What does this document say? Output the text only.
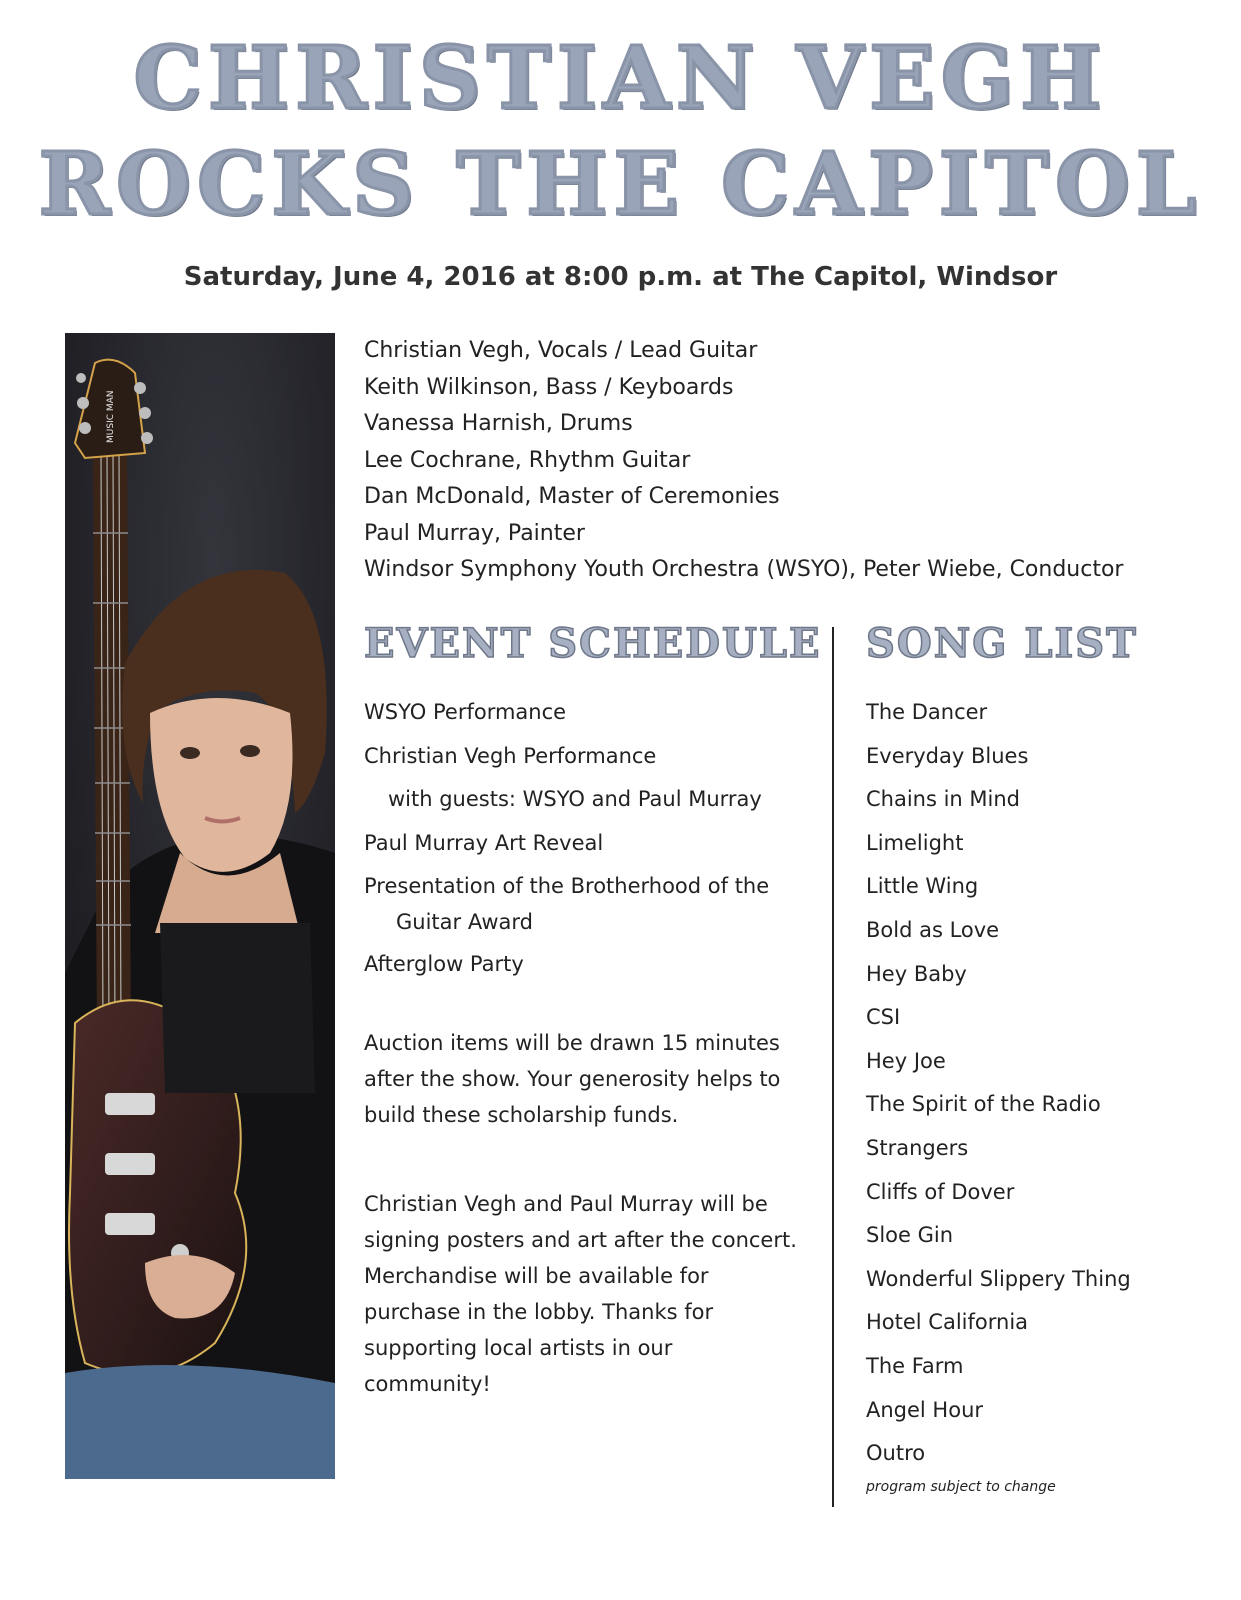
CHRISTIAN VEGH
ROCKS THE CAPITOL
Saturday, June 4, 2016 at 8:00 p.m. at The Capitol, Windsor
MUSIC MAN
Christian Vegh, Vocals / Lead Guitar
Keith Wilkinson, Bass / Keyboards
Vanessa Harnish, Drums
Lee Cochrane, Rhythm Guitar
Dan McDonald, Master of Ceremonies
Paul Murray, Painter
Windsor Symphony Youth Orchestra (WSYO), Peter Wiebe, Conductor
EVENT SCHEDULE SONG LIST
WSYO Performance
Christian Vegh Performance
with guests: WSYO and Paul Murray
Paul Murray Art Reveal
Presentation of the Brotherhood of the
Guitar Award
Afterglow Party

Auction items will be drawn 15 minutes after the show. Your generosity helps to build these scholarship funds.

Christian Vegh and Paul Murray will be signing posters and art after the concert. Merchandise will be available for purchase in the lobby. Thanks for supporting local artists in our community!

The Dancer
Everyday Blues
Chains in Mind
Limelight
Little Wing
Bold as Love
Hey Baby
CSI
Hey Joe
The Spirit of the Radio
Strangers
Cliffs of Dover
Sloe Gin
Wonderful Slippery Thing
Hotel California
The Farm
Angel Hour
Outro
program subject to change
